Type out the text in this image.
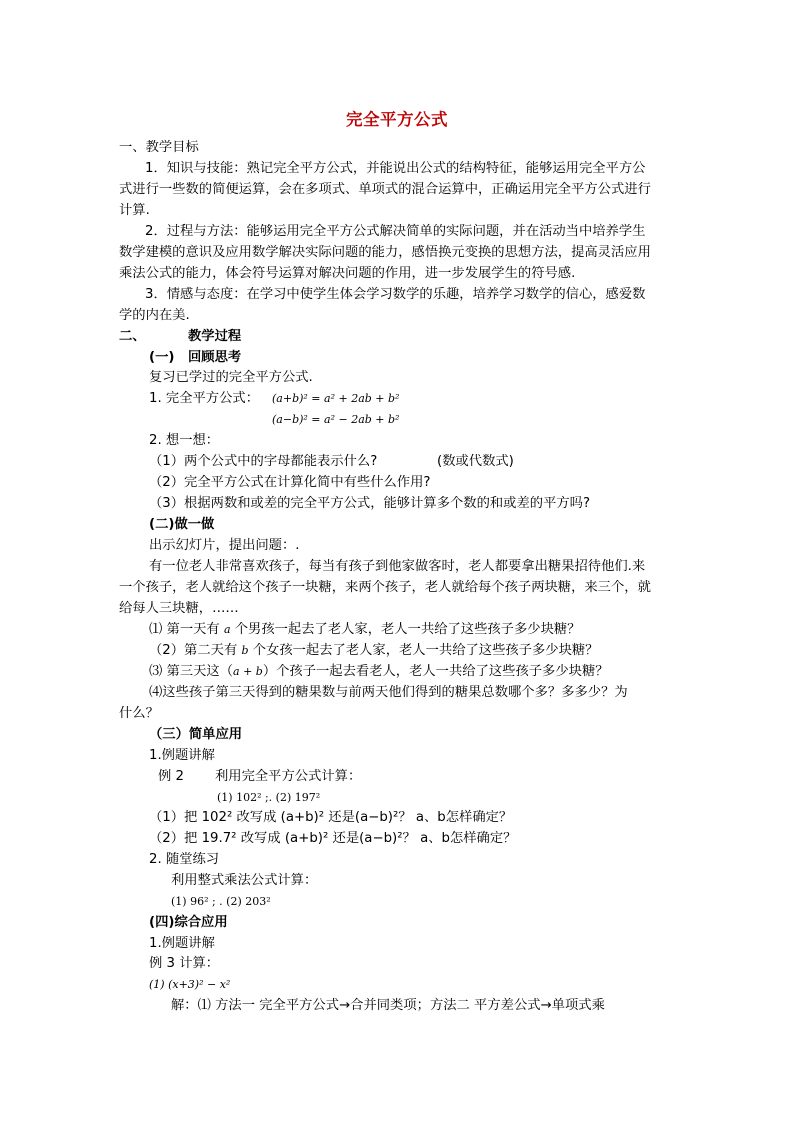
完全平方公式
一、教学目标
1．知识与技能：熟记完全平方公式，并能说出公式的结构特征，能够运用完全平方公
式进行一些数的简便运算，会在多项式、单项式的混合运算中，正确运用完全平方公式进行
计算.
2．过程与方法：能够运用完全平方公式解决简单的实际问题，并在活动当中培养学生
数学建模的意识及应用数学解决实际问题的能力，感悟换元变换的思想方法，提高灵活应用
乘法公式的能力，体会符号运算对解决问题的作用，进一步发展学生的符号感.
3．情感与态度：在学习中使学生体会学习数学的乐趣，培养学习数学的信心，感爱数
学的内在美.
二、	教学过程
(一) 回顾思考
复习已学过的完全平方公式.
1. 完全平方公式： (a+b)² = a² + 2ab + b²
(a−b)² = a² − 2ab + b²
2. 想一想：
（1）两个公式中的字母都能表示什么?	(数或代数式)
（2）完全平方公式在计算化简中有些什么作用?
（3）根据两数和或差的完全平方公式，能够计算多个数的和或差的平方吗?
(二)做一做
出示幻灯片，提出问题：.
有一位老人非常喜欢孩子，每当有孩子到他家做客时，老人都要拿出糖果招待他们.来
一个孩子，老人就给这个孩子一块糖，来两个孩子，老人就给每个孩子两块糖，来三个，就
给每人三块糖，……
⑴ 第一天有 a 个男孩一起去了老人家，老人一共给了这些孩子多少块糖？
（2）第二天有 b 个女孩一起去了老人家，老人一共给了这些孩子多少块糖？
⑶ 第三天这（a + b）个孩子一起去看老人，老人一共给了这些孩子多少块糖？
⑷这些孩子第三天得到的糖果数与前两天他们得到的糖果总数哪个多？多多少？为
什么？
（三）简单应用
1.例题讲解
例 2 利用完全平方公式计算：
(1) 102² ;. (2) 197²
（1）把 102² 改写成 (a+b)² 还是(a−b)²？ a、b怎样确定？
（2）把 19.7² 改写成 (a+b)² 还是(a−b)²？ a、b怎样确定？
2. 随堂练习
利用整式乘法公式计算：
(1) 96² ; . (2) 203²
(四)综合应用
1.例题讲解
例 3 计算：
(1) (x+3)² − x²
解：⑴ 方法一 完全平方公式→合并同类项；方法二 平方差公式→单项式乘
